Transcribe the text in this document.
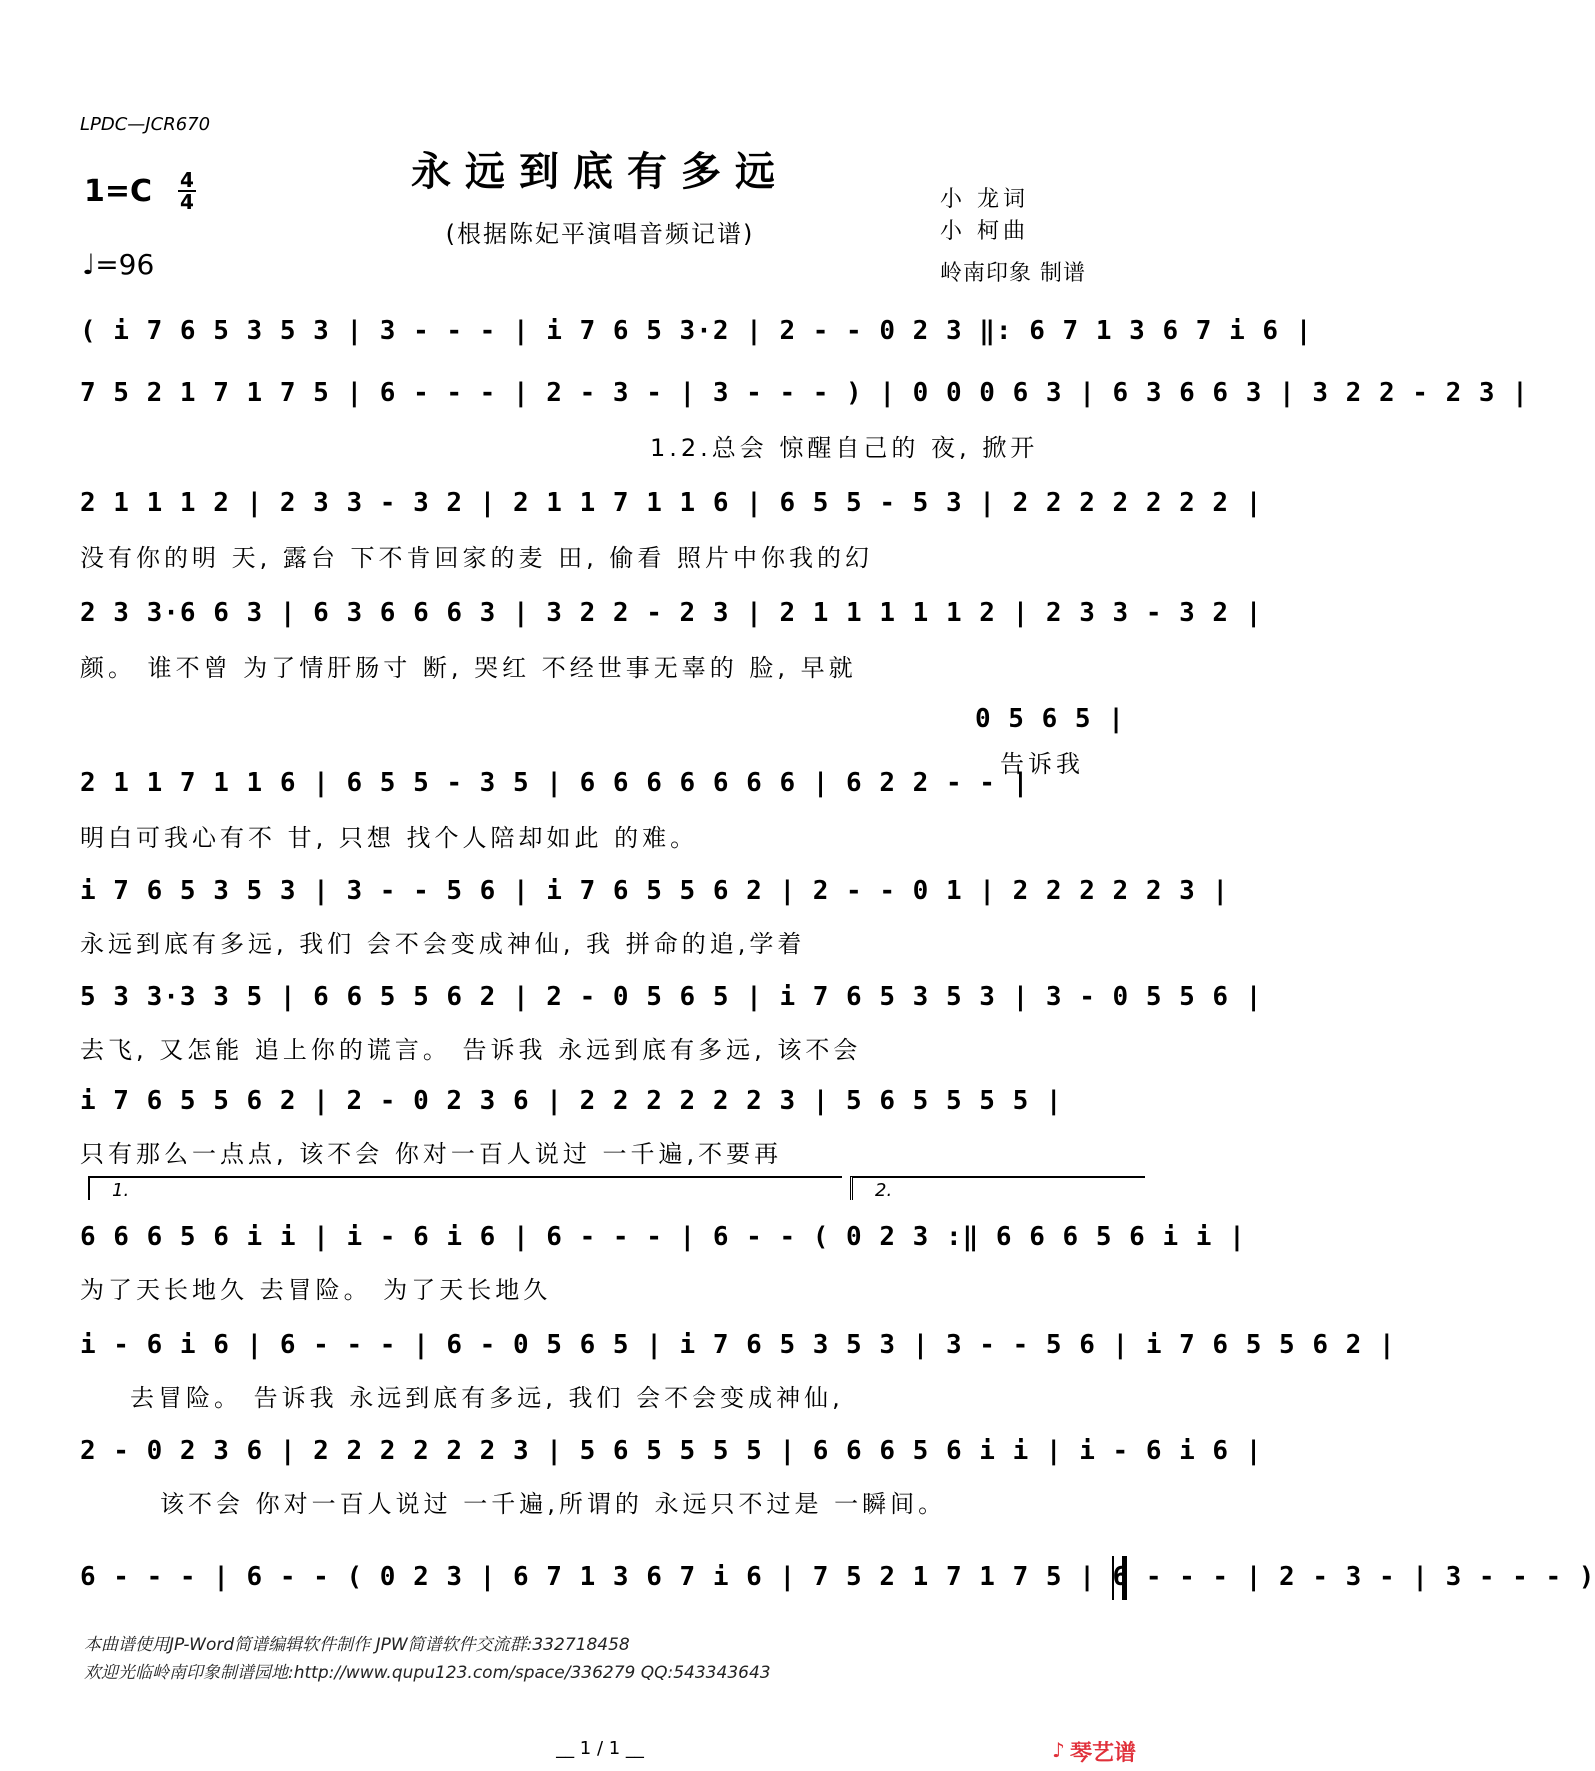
LPDC—JCR670
永远到底有多远
(根据陈妃平演唱音频记谱)
1=C 4
4
♩=96
小 龙词
小 柯曲
岭南印象 制谱
( i 7 6 5 3 5 3 | 3 - - - | i 7 6 5 3·2 | 2 - - 0 2 3 ‖: 6 7 1 3 6 7 i 6 |
7 5 2 1 7 1 7 5 | 6 - - - | 2 - 3 - | 3 - - - ) | 0 0 0 6 3 | 6 3 6 6 3 | 3 2 2 - 2 3 |
1.2.总会 惊醒自己的 夜, 掀开
2 1 1 1 2 | 2 3 3 - 3 2 | 2 1 1 7 1 1 6 | 6 5 5 - 5 3 | 2 2 2 2 2 2 2 |
没有你的明 天, 露台 下不肯回家的麦 田, 偷看 照片中你我的幻
2 3 3·6 6 3 | 6 3 6 6 6 3 | 3 2 2 - 2 3 | 2 1 1 1 1 1 2 | 2 3 3 - 3 2 |
颜。 谁不曾 为了情肝肠寸 断, 哭红 不经世事无辜的 脸, 早就
0 5 6 5 |
告诉我
2 1 1 7 1 1 6 | 6 5 5 - 3 5 | 6 6 6 6 6 6 6 | 6 2 2 - - |
明白可我心有不 甘, 只想 找个人陪却如此 的难。
i 7 6 5 3 5 3 | 3 - - 5 6 | i 7 6 5 5 6 2 | 2 - - 0 1 | 2 2 2 2 2 3 |
永远到底有多远, 我们 会不会变成神仙, 我 拼命的追,学着
5 3 3·3 3 5 | 6 6 5 5 6 2 | 2 - 0 5 6 5 | i 7 6 5 3 5 3 | 3 - 0 5 5 6 |
去飞, 又怎能 追上你的谎言。 告诉我 永远到底有多远, 该不会
i 7 6 5 5 6 2 | 2 - 0 2 3 6 | 2 2 2 2 2 2 3 | 5 6 5 5 5 5 |
只有那么一点点, 该不会 你对一百人说过 一千遍,不要再
1.	2.
6 6 6 5 6 i i | i - 6 i 6 | 6 - - - | 6 - - ( 0 2 3 :‖ 6 6 6 5 6 i i |
为了天长地久 去冒险。 为了天长地久
i - 6 i 6 | 6 - - - | 6 - 0 5 6 5 | i 7 6 5 3 5 3 | 3 - - 5 6 | i 7 6 5 5 6 2 |
去冒险。 告诉我 永远到底有多远, 我们 会不会变成神仙,
2 - 0 2 3 6 | 2 2 2 2 2 2 3 | 5 6 5 5 5 5 | 6 6 6 5 6 i i | i - 6 i 6 |
该不会 你对一百人说过 一千遍,所谓的 永远只不过是 一瞬间。
6 - - - | 6 - - ( 0 2 3 | 6 7 1 3 6 7 i 6 | 7 5 2 1 7 1 7 5 | 6 - - - | 2 - 3 - | 3 - - - )
本曲谱使用JP-Word简谱编辑软件制作 JPW简谱软件交流群:332718458
欢迎光临岭南印象制谱园地:http://www.qupu123.com/space/336279 QQ:543343643
__ 1 / 1 __	♪ 琴艺谱
